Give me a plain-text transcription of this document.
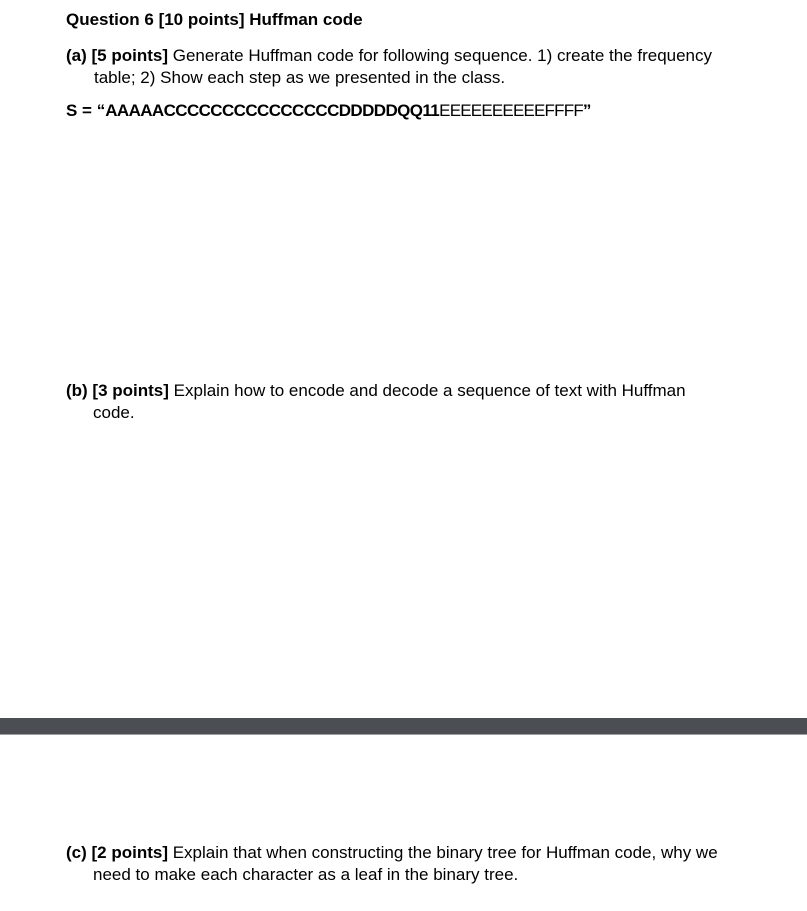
Question 6 [10 points] Huffman code
(a) [5 points] Generate Huffman code for following sequence. 1) create the frequency
table; 2) Show each step as we presented in the class.
S = “AAAAACCCCCCCCCCCCCCCDDDDDQQ11EEEEEEEEEEFFFF”
(b) [3 points] Explain how to encode and decode a sequence of text with Huffman
code.
(c) [2 points] Explain that when constructing the binary tree for Huffman code, why we
need to make each character as a leaf in the binary tree.
